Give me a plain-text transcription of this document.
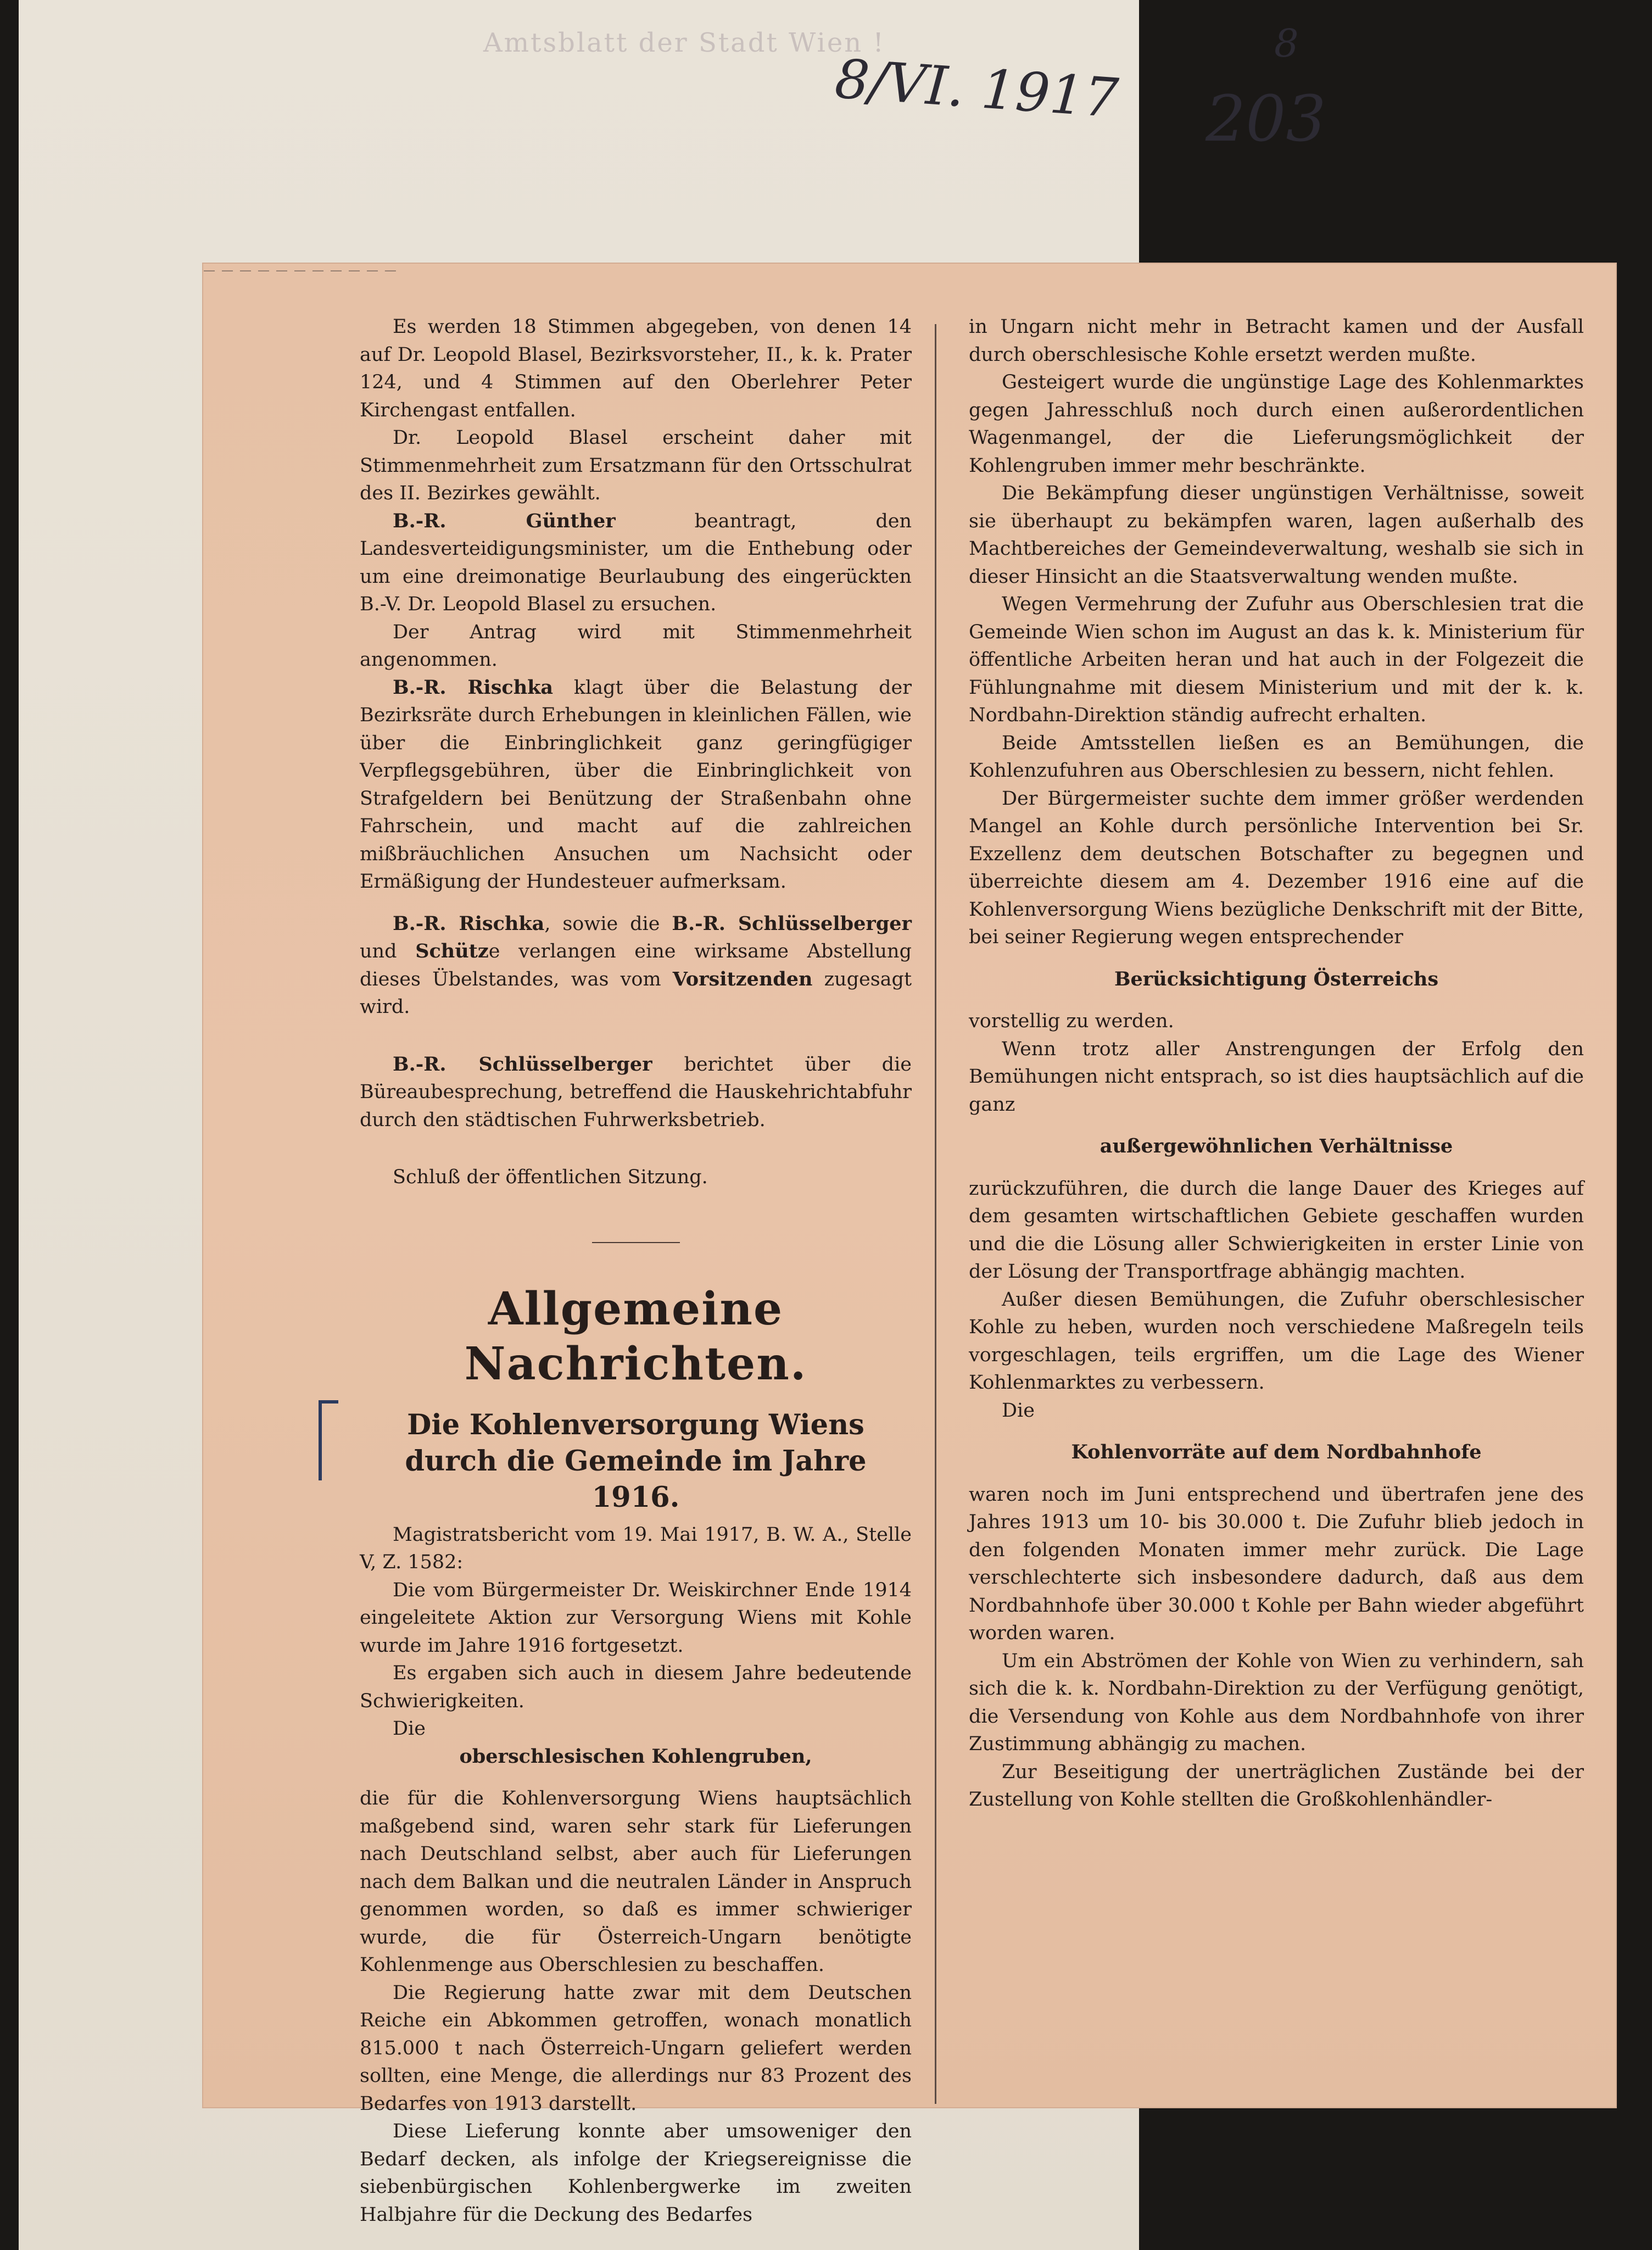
Amtsblatt der Stadt Wien !
8/VI. 1917
8
203
— — — — — — — — — — —

Es werden 18 Stimmen abgegeben, von denen 14 auf Dr. Leopold Blasel, Bezirksvorsteher, II., k. k. Prater 124, und 4 Stimmen auf den Oberlehrer Peter Kirchengast entfallen.

Dr. Leopold Blasel erscheint daher mit Stimmenmehrheit zum Ersatzmann für den Ortsschulrat des II. Bezirkes gewählt.

B.-R. Günther beantragt, den Landesverteidigungsminister, um die Enthebung oder um eine dreimonatige Beurlaubung des eingerückten B.-V. Dr. Leopold Blasel zu ersuchen.

Der Antrag wird mit Stimmenmehrheit angenommen.

B.-R. Rischka klagt über die Belastung der Bezirksräte durch Erhebungen in kleinlichen Fällen, wie über die Einbringlichkeit ganz geringfügiger Verpflegsgebühren, über die Einbringlichkeit von Strafgeldern bei Benützung der Straßenbahn ohne Fahrschein, und macht auf die zahlreichen mißbräuchlichen Ansuchen um Nachsicht oder Ermäßigung der Hundesteuer aufmerksam.

B.-R. Rischka, sowie die B.-R. Schlüsselberger und Schütze verlangen eine wirksame Abstellung dieses Übelstandes, was vom Vorsitzenden zugesagt wird.

B.-R. Schlüsselberger berichtet über die Büreaubesprechung, betreffend die Hauskehrichtabfuhr durch den städtischen Fuhrwerksbetrieb.

Schluß der öffentlichen Sitzung.

Allgemeine Nachrichten.
Die Kohlenversorgung Wiens durch die Gemeinde im Jahre 1916.

Magistratsbericht vom 19. Mai 1917, B. W. A., Stelle V, Z. 1582:

Die vom Bürgermeister Dr. Weiskirchner Ende 1914 eingeleitete Aktion zur Versorgung Wiens mit Kohle wurde im Jahre 1916 fortgesetzt.

Es ergaben sich auch in diesem Jahre bedeutende Schwierigkeiten.

Die

oberschlesischen Kohlengruben,

die für die Kohlenversorgung Wiens hauptsächlich maßgebend sind, waren sehr stark für Lieferungen nach Deutschland selbst, aber auch für Lieferungen nach dem Balkan und die neutralen Länder in Anspruch genommen worden, so daß es immer schwieriger wurde, die für Österreich-Ungarn benötigte Kohlenmenge aus Oberschlesien zu beschaffen.

Die Regierung hatte zwar mit dem Deutschen Reiche ein Abkommen getroffen, wonach monatlich 815.000 t nach Österreich-Ungarn geliefert werden sollten, eine Menge, die allerdings nur 83 Prozent des Bedarfes von 1913 darstellt.

Diese Lieferung konnte aber umsoweniger den Bedarf decken, als infolge der Kriegsereignisse die siebenbürgischen Kohlenbergwerke im zweiten Halbjahre für die Deckung des Bedarfes

in Ungarn nicht mehr in Betracht kamen und der Ausfall durch oberschlesische Kohle ersetzt werden mußte.

Gesteigert wurde die ungünstige Lage des Kohlenmarktes gegen Jahresschluß noch durch einen außerordentlichen Wagenmangel, der die Lieferungsmöglichkeit der Kohlengruben immer mehr beschränkte.

Die Bekämpfung dieser ungünstigen Verhältnisse, soweit sie überhaupt zu bekämpfen waren, lagen außerhalb des Machtbereiches der Gemeindeverwaltung, weshalb sie sich in dieser Hinsicht an die Staatsverwaltung wenden mußte.

Wegen Vermehrung der Zufuhr aus Oberschlesien trat die Gemeinde Wien schon im August an das k. k. Ministerium für öffentliche Arbeiten heran und hat auch in der Folgezeit die Fühlungnahme mit diesem Ministerium und mit der k. k. Nordbahn-Direktion ständig aufrecht erhalten.

Beide Amtsstellen ließen es an Bemühungen, die Kohlenzufuhren aus Oberschlesien zu bessern, nicht fehlen.

Der Bürgermeister suchte dem immer größer werdenden Mangel an Kohle durch persönliche Intervention bei Sr. Exzellenz dem deutschen Botschafter zu begegnen und überreichte diesem am 4. Dezember 1916 eine auf die Kohlenversorgung Wiens bezügliche Denkschrift mit der Bitte, bei seiner Regierung wegen entsprechender

Berücksichtigung Österreichs

vorstellig zu werden.

Wenn trotz aller Anstrengungen der Erfolg den Bemühungen nicht entsprach, so ist dies hauptsächlich auf die ganz

außergewöhnlichen Verhältnisse

zurückzuführen, die durch die lange Dauer des Krieges auf dem gesamten wirtschaftlichen Gebiete geschaffen wurden und die die Lösung aller Schwierigkeiten in erster Linie von der Lösung der Transportfrage abhängig machten.

Außer diesen Bemühungen, die Zufuhr oberschlesischer Kohle zu heben, wurden noch verschiedene Maßregeln teils vorgeschlagen, teils ergriffen, um die Lage des Wiener Kohlenmarktes zu verbessern.

Die

Kohlenvorräte auf dem Nordbahnhofe

waren noch im Juni entsprechend und übertrafen jene des Jahres 1913 um 10- bis 30.000 t. Die Zufuhr blieb jedoch in den folgenden Monaten immer mehr zurück. Die Lage verschlechterte sich insbesondere dadurch, daß aus dem Nordbahnhofe über 30.000 t Kohle per Bahn wieder abgeführt worden waren.

Um ein Abströmen der Kohle von Wien zu verhindern, sah sich die k. k. Nordbahn-Direktion zu der Verfügung genötigt, die Versendung von Kohle aus dem Nordbahnhofe von ihrer Zustimmung abhängig zu machen.

Zur Beseitigung der unerträglichen Zustände bei der Zustellung von Kohle stellten die Großkohlenhändler-
